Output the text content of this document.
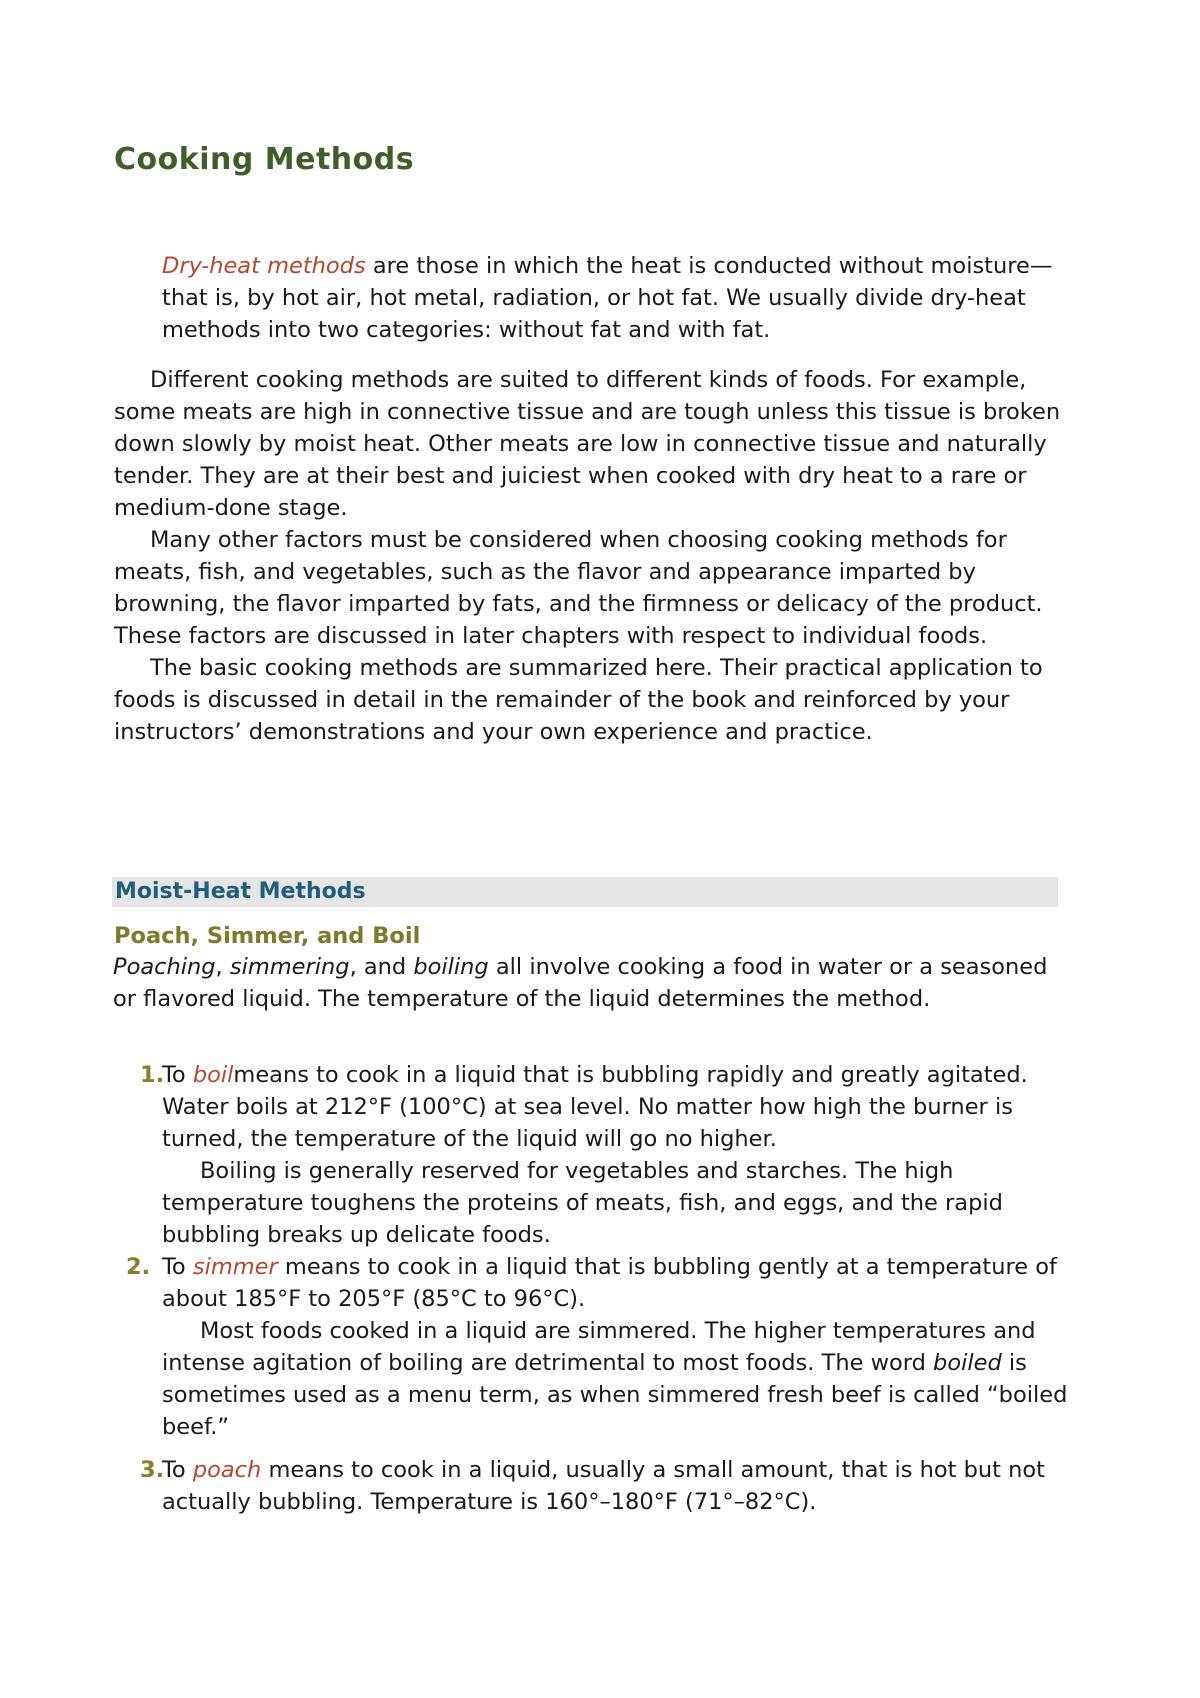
Cooking Methods
Dry-heat methods are those in which the heat is conducted without moisture—that is, by hot air, hot metal, radiation, or hot fat. We usually divide dry-heat methods into two categories: without fat and with fat.

Different cooking methods are suited to different kinds of foods. For example, some meats are high in connective tissue and are tough unless this tissue is broken down slowly by moist heat. Other meats are low in connective tissue and naturally tender. They are at their best and juiciest when cooked with dry heat to a rare or medium-done stage.

Many other factors must be considered when choosing cooking methods for meats, fish, and vegetables, such as the flavor and appearance imparted by browning, the flavor imparted by fats, and the firmness or delicacy of the product. These factors are discussed in later chapters with respect to individual foods.

The basic cooking methods are summarized here. Their practical application to foods is discussed in detail in the remainder of the book and reinforced by your instructors’ demonstrations and your own experience and practice.

Moist-Heat Methods
Poach, Simmer, and Boil

Poaching, simmering, and boiling all involve cooking a food in water or a seasoned or flavored liquid. The temperature of the liquid determines the method.

1.

To boilmeans to cook in a liquid that is bubbling rapidly and greatly agitated. Water boils at 212°F (100°C) at sea level. No matter how high the burner is turned, the temperature of the liquid will go no higher.

Boiling is generally reserved for vegetables and starches. The high temperature toughens the proteins of meats, fish, and eggs, and the rapid bubbling breaks up delicate foods.

2. To simmer means to cook in a liquid that is bubbling gently at a temperature of about 185°F to 205°F (85°C to 96°C).

Most foods cooked in a liquid are simmered. The higher temperatures and intense agitation of boiling are detrimental to most foods. The word boiled is sometimes used as a menu term, as when simmered fresh beef is called “boiled beef.”

3.

To poach means to cook in a liquid, usually a small amount, that is hot but not actually bubbling. Temperature is 160°–180°F (71°–82°C).
